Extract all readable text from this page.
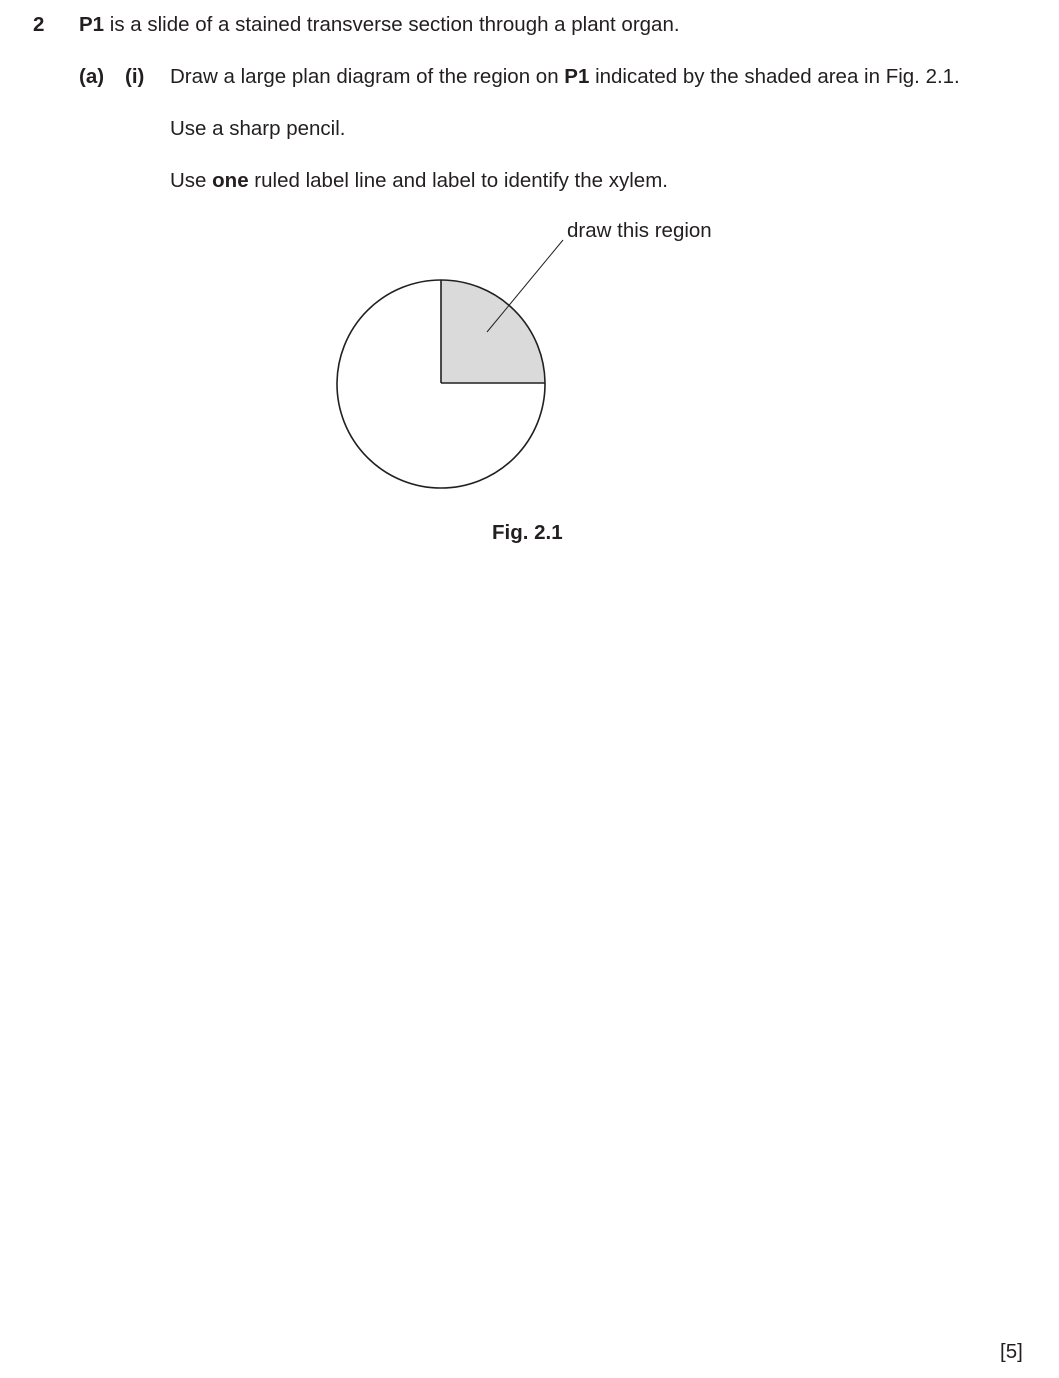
2 P1 is a slide of a stained transverse section through a plant organ.
(a) (i) Draw a large plan diagram of the region on P1 indicated by the shaded area in Fig. 2.1.
Use a sharp pencil.
Use one ruled label line and label to identify the xylem.
draw this region
Fig. 2.1
[5]
